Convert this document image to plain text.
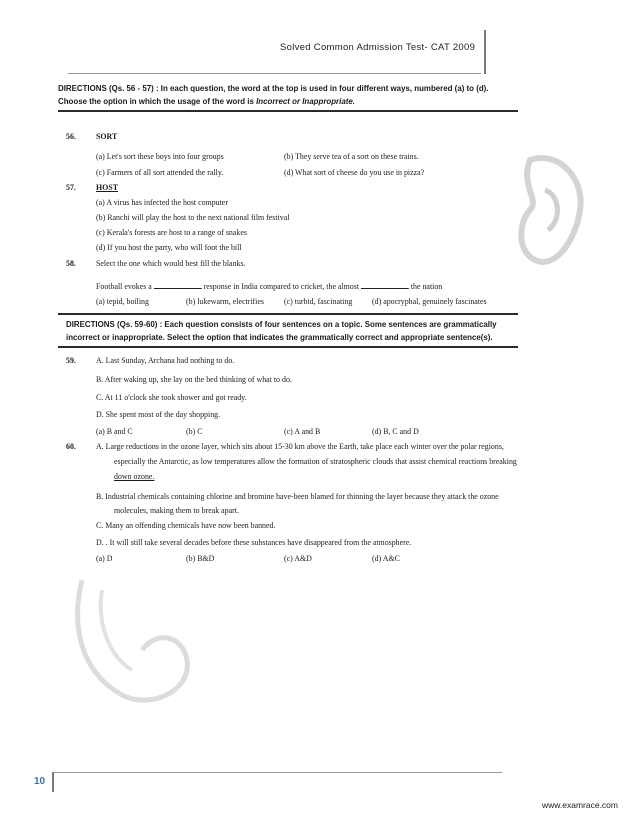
Solved Common Admission Test- CAT 2009
DIRECTIONS (Qs. 56 - 57) : In each question, the word at the top is used in four different ways, numbered (a) to (d). Choose the option in which the usage of the word is Incorrect or Inappropriate.
56. SORT
(a) Let's sort these boys into four groups	(b) They serve tea of a sort on these trains.
(c) Farmers of all sort attended the rally.	(d) What sort of cheese do you use in pizza?
57. HOST
(a) A virus has infected the host computer
(b) Ranchi will play the host to the next national film festival
(c) Kerala's forests are host to a range of snakes
(d) If you host the party, who will foot the bill
58. Select the one which would best fill the blanks.
Football evokes a	response in India compared to cricket, the almost	the nation
(a) tepid, boiling	(b) lukewarm, electrifies (c) turbid, fascinating (d) apocryphal, genuinely fascinates
DIRECTIONS (Qs. 59-60) : Each question consists of four sentences on a topic. Some sentences are grammatically incorrect or inappropriate. Select the option that indicates the grammatically correct and appropriate sentence(s).
59. A. Last Sunday, Archana had nothing to do.
B. After waking up, she lay on the bed thinking of what to do.
C. At 11 o'clock she took shower and got ready.
D. She spent most of the day shopping.
(a) B and C	(b) C	(c) A and B	(d) B, C and D
60. A. Large reductions in the ozone layer, which sits about 15-30 km above the Earth, take place each winter over the polar regions,
especially the Antarctic, as low temperatures allow the formation of stratospheric clouds that assist chemical reactions breaking
down ozone.
B. Industrial chemicals containing chlorine and bromine have-been blamed for thinning the layer because they attack the ozone
molecules, making them to break apart.
C. Many an offending chemicals have now been banned.
D. . It will still take several decades before these substances have disappeared from the atmosphere.
(a) D	(b) B&D	(c) A&D	(d) A&C
10
www.examrace.com
